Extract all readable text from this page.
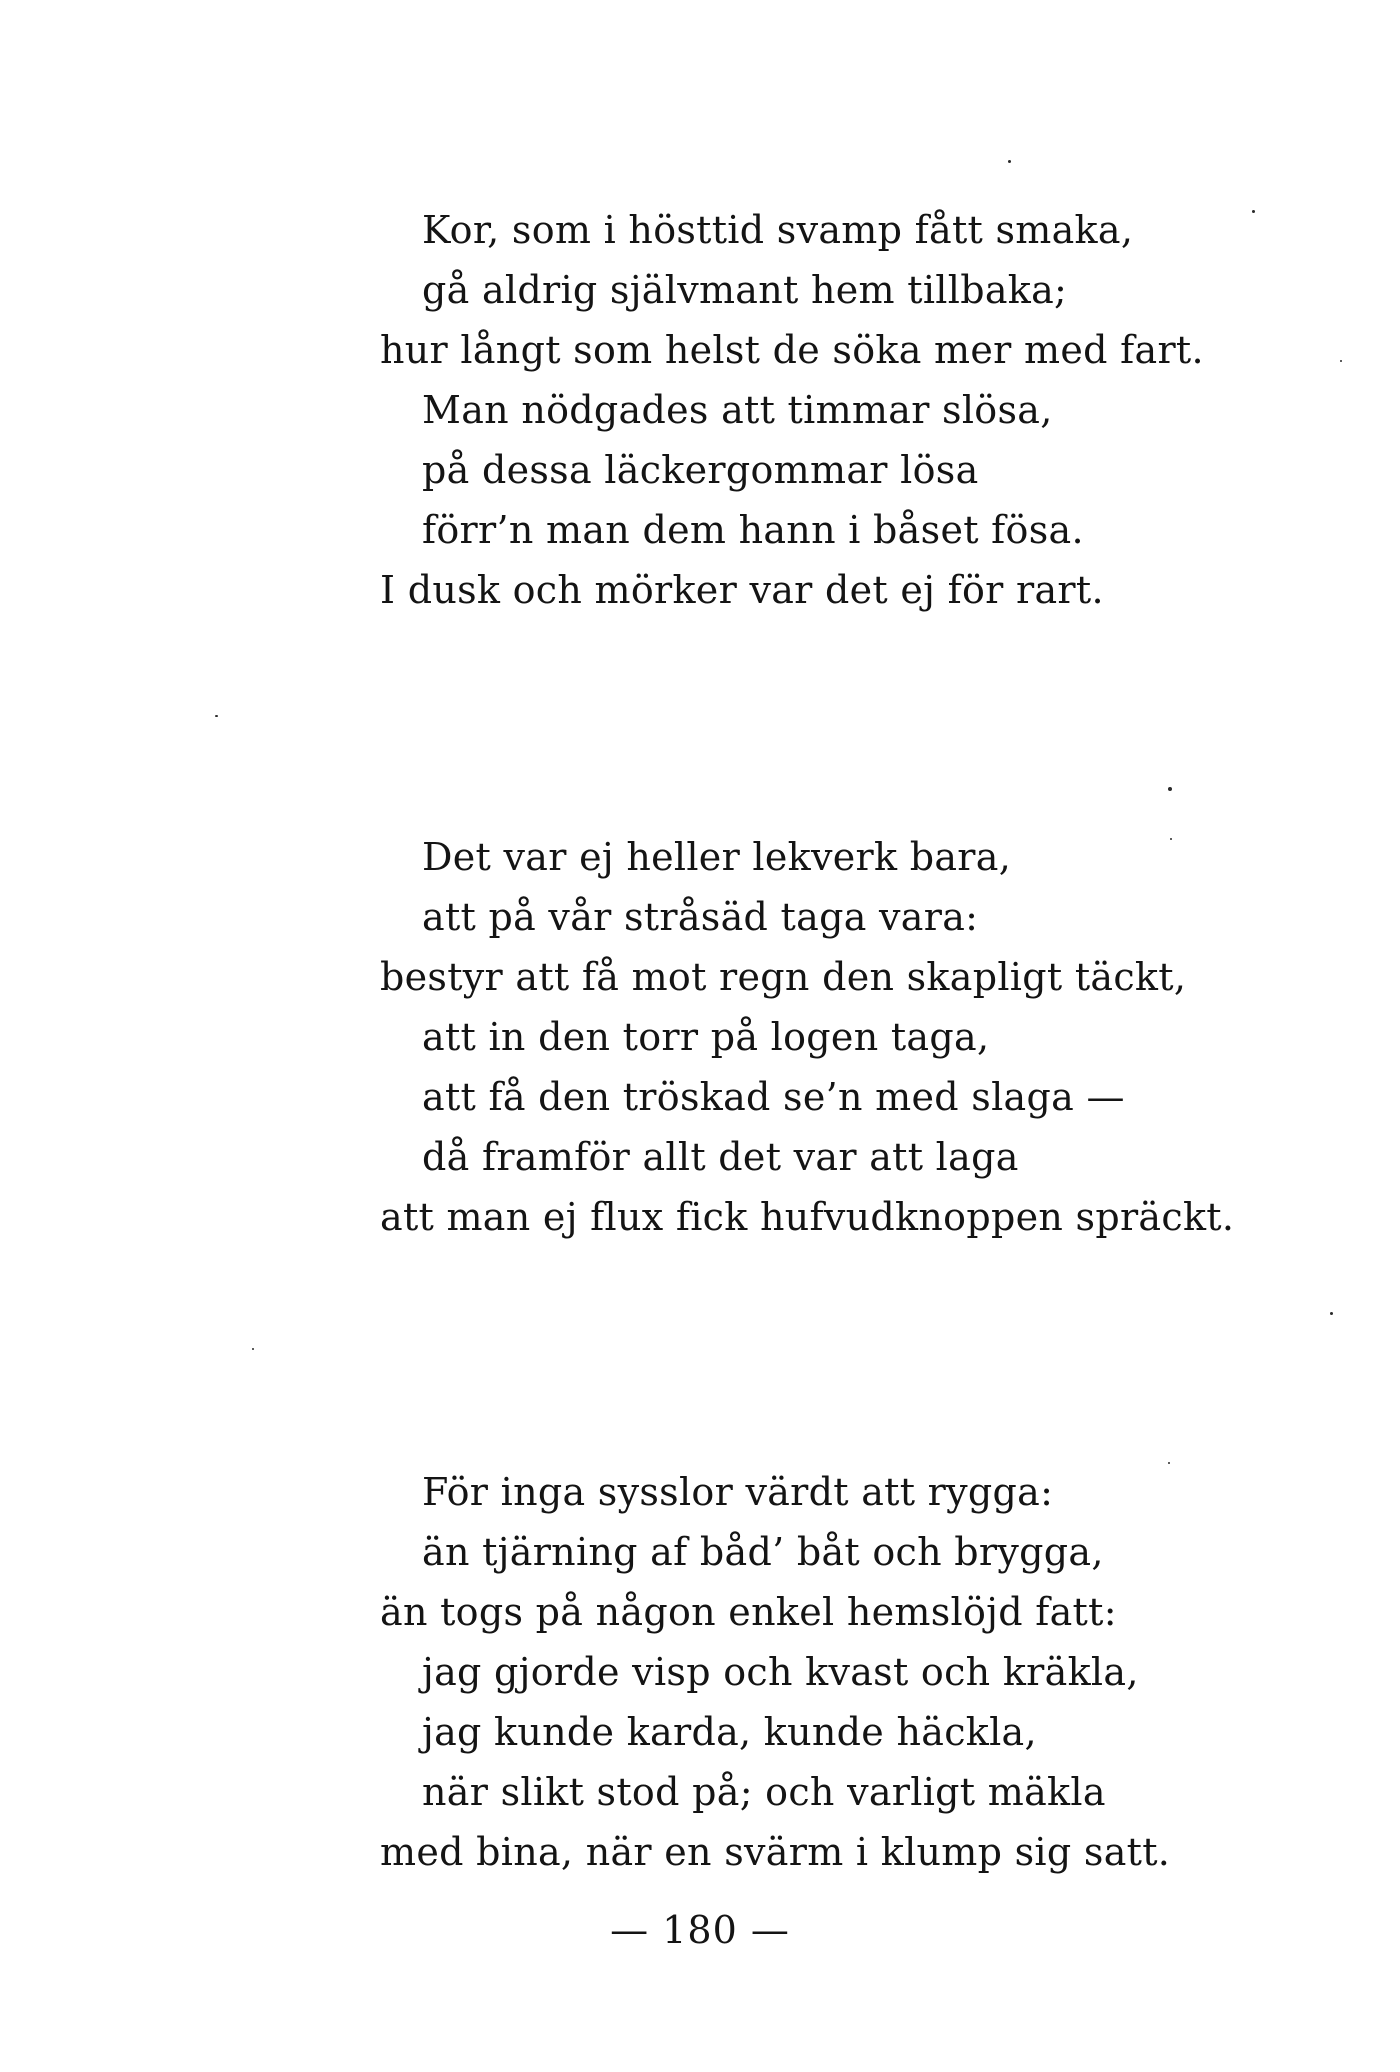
Kor, som i hösttid svamp fått smaka,
gå aldrig självmant hem tillbaka;
hur långt som helst de söka mer med fart.
Man nödgades att timmar slösa,
på dessa läckergommar lösa
förr’n man dem hann i båset fösa.
I dusk och mörker var det ej för rart.
Det var ej heller lekverk bara,
att på vår stråsäd taga vara:
bestyr att få mot regn den skapligt täckt,
att in den torr på logen taga,
att få den tröskad se’n med slaga —
då framför allt det var att laga
att man ej flux fick hufvudknoppen spräckt.
För inga sysslor värdt att rygga:
än tjärning af båd’ båt och brygga,
än togs på någon enkel hemslöjd fatt:
jag gjorde visp och kvast och kräkla,
jag kunde karda, kunde häckla,
när slikt stod på; och varligt mäkla
med bina, när en svärm i klump sig satt.
— 180 —
